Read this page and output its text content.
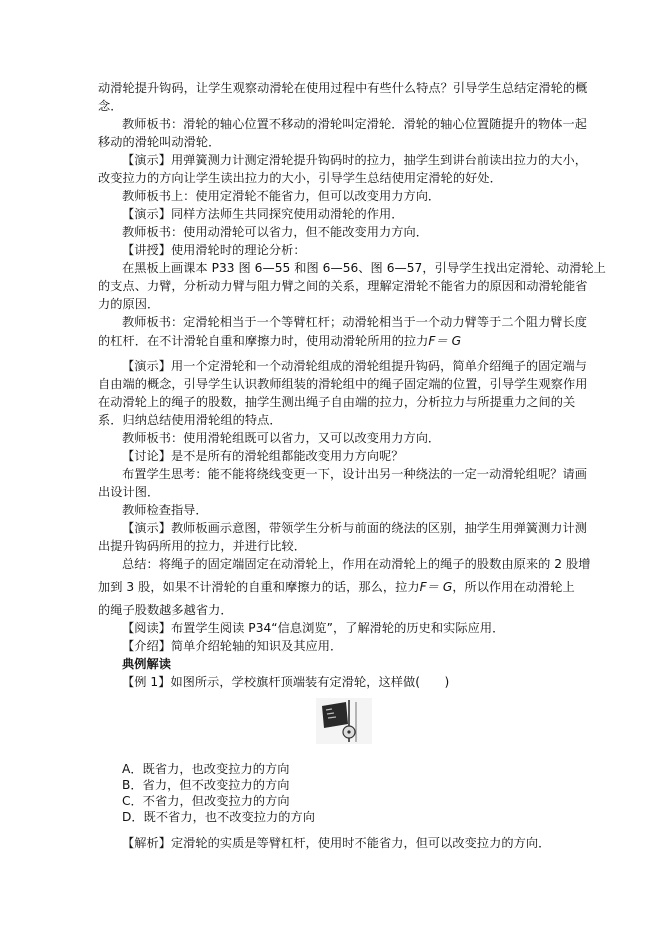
动滑轮提升钩码，让学生观察动滑轮在使用过程中有些什么特点？引导学生总结定滑轮的概
念．
教师板书：滑轮的轴心位置不移动的滑轮叫定滑轮．滑轮的轴心位置随提升的物体一起
移动的滑轮叫动滑轮．
【演示】用弹簧测力计测定滑轮提升钩码时的拉力，抽学生到讲台前读出拉力的大小，
改变拉力的方向让学生读出拉力的大小，引导学生总结使用定滑轮的好处．
教师板书上：使用定滑轮不能省力，但可以改变用力方向．
【演示】同样方法师生共同探究使用动滑轮的作用．
教师板书：使用动滑轮可以省力，但不能改变用力方向．
【讲授】使用滑轮时的理论分析：
在黑板上画课本 P33 图 6—55 和图 6—56、图 6—57，引导学生找出定滑轮、动滑轮上
的支点、力臂，分析动力臂与阻力臂之间的关系，理解定滑轮不能省力的原因和动滑轮能省
力的原因．
教师板书：定滑轮相当于一个等臂杠杆；动滑轮相当于一个动力臂等于二个阻力臂长度
的杠杆．在不计滑轮自重和摩擦力时，使用动滑轮所用的拉力F＝ G
【演示】用一个定滑轮和一个动滑轮组成的滑轮组提升钩码，简单介绍绳子的固定端与
自由端的概念，引导学生认识教师组装的滑轮组中的绳子固定端的位置，引导学生观察作用
在动滑轮上的绳子的股数，抽学生测出绳子自由端的拉力，分析拉力与所提重力之间的关
系．归纳总结使用滑轮组的特点．
教师板书：使用滑轮组既可以省力，又可以改变用力方向．
【讨论】是不是所有的滑轮组都能改变用力方向呢？
布置学生思考：能不能将绕线变更一下，设计出另一种绕法的一定一动滑轮组呢？请画
出设计图．
教师检查指导．
【演示】教师板画示意图，带领学生分析与前面的绕法的区别，抽学生用弹簧测力计测
出提升钩码所用的拉力，并进行比较．
总结：将绳子的固定端固定在动滑轮上，作用在动滑轮上的绳子的股数由原来的 2 股增
加到 3 股，如果不计滑轮的自重和摩擦力的话，那么，拉力F＝ G，所以作用在动滑轮上
的绳子股数越多越省力．
【阅读】布置学生阅读 P34“信息浏览”，了解滑轮的历史和实际应用．
【介绍】简单介绍轮轴的知识及其应用．
典例解读
【例 1】如图所示，学校旗杆顶端装有定滑轮，这样做(　　)
A．既省力，也改变拉力的方向
B．省力，但不改变拉力的方向
C．不省力，但改变拉力的方向
D．既不省力，也不改变拉力的方向
【解析】定滑轮的实质是等臂杠杆，使用时不能省力，但可以改变拉力的方向．
